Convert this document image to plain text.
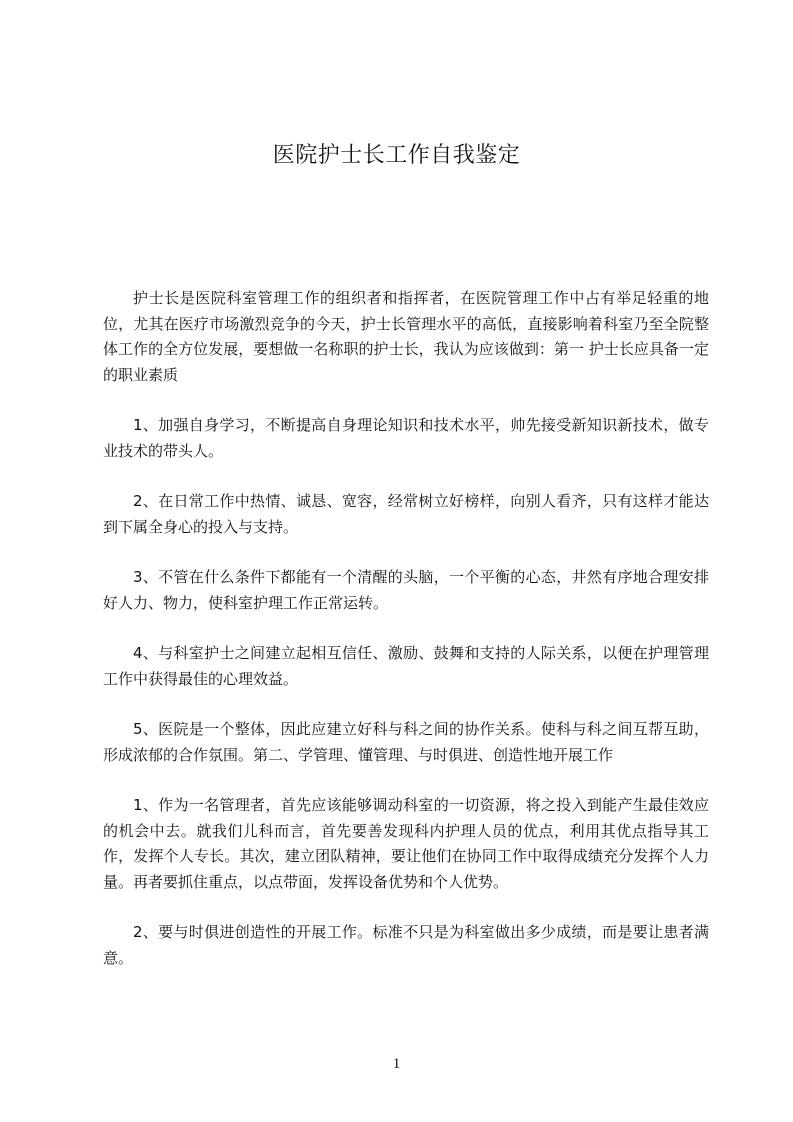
医院护士长工作自我鉴定

护士长是医院科室管理工作的组织者和指挥者，在医院管理工作中占有举足轻重的地位，尤其在医疗市场激烈竞争的今天，护士长管理水平的高低，直接影响着科室乃至全院整体工作的全方位发展，要想做一名称职的护士长，我认为应该做到：第一 护士长应具备一定的职业素质

1、加强自身学习，不断提高自身理论知识和技术水平，帅先接受新知识新技术，做专业技术的带头人。

2、在日常工作中热情、诚恳、宽容，经常树立好榜样，向别人看齐，只有这样才能达到下属全身心的投入与支持。

3、不管在什么条件下都能有一个清醒的头脑，一个平衡的心态，井然有序地合理安排好人力、物力，使科室护理工作正常运转。

4、与科室护士之间建立起相互信任、激励、鼓舞和支持的人际关系，以便在护理管理工作中获得最佳的心理效益。

5、医院是一个整体，因此应建立好科与科之间的协作关系。使科与科之间互帮互助，形成浓郁的合作氛围。第二、学管理、懂管理、与时俱进、创造性地开展工作

1、作为一名管理者，首先应该能够调动科室的一切资源，将之投入到能产生最佳效应的机会中去。就我们儿科而言，首先要善发现科内护理人员的优点，利用其优点指导其工作，发挥个人专长。其次，建立团队精神，要让他们在协同工作中取得成绩充分发挥个人力量。再者要抓住重点，以点带面，发挥设备优势和个人优势。

2、要与时俱进创造性的开展工作。标准不只是为科室做出多少成绩，而是要让患者满意。

1
